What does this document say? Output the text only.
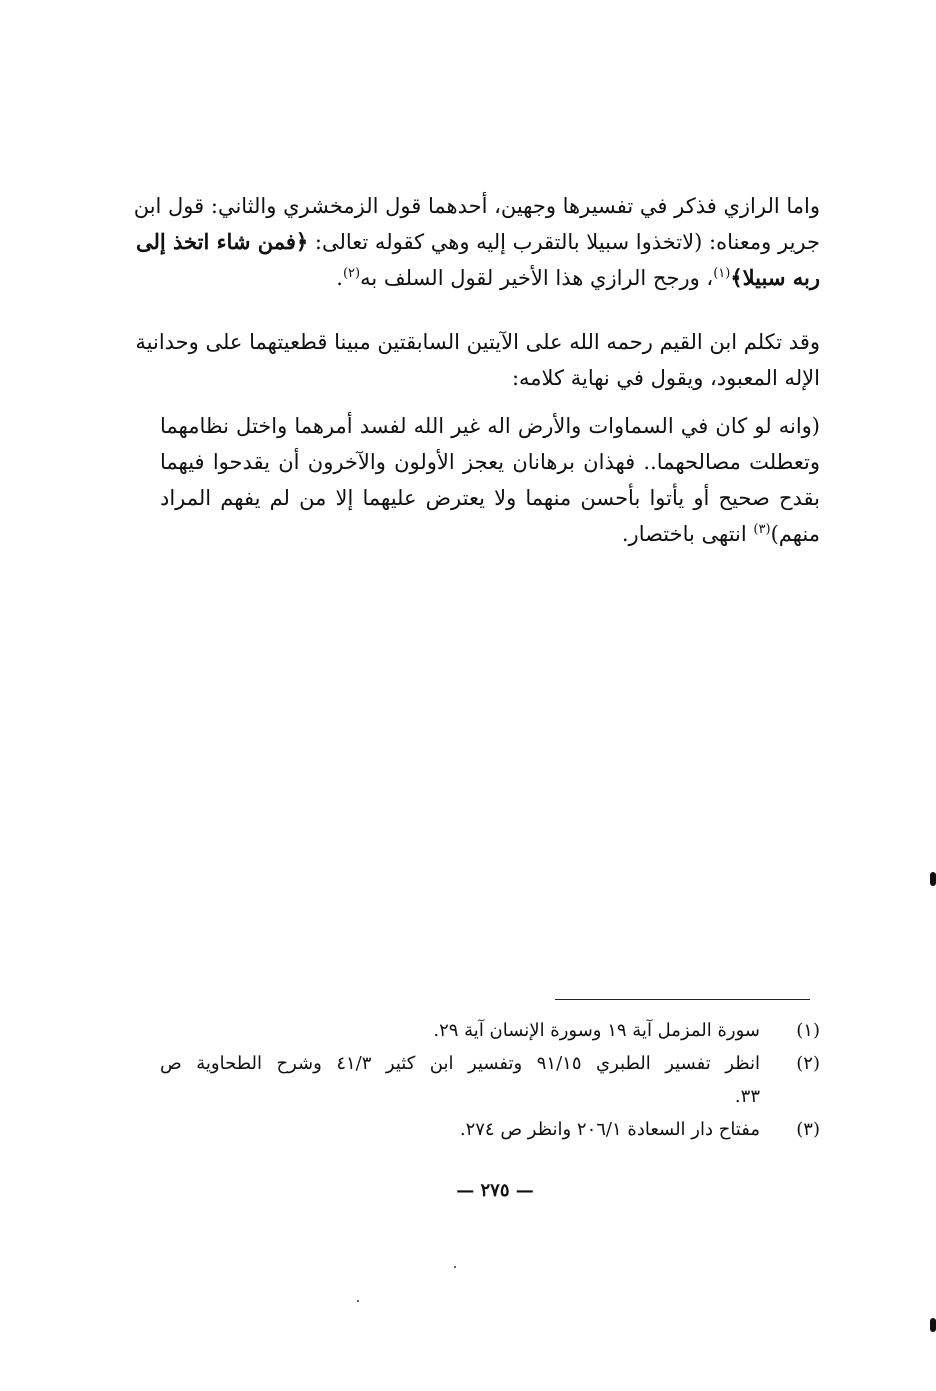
واما الرازي فذكر في تفسيرها وجهين، أحدهما قول الزمخشري والثاني: قول ابن
جرير ومعناه: (لاتخذوا سبيلا بالتقرب إليه وهي كقوله تعالى: ﴿فمن شاء اتخذ إلى
ربه سبيلا﴾$^{(١)}$، ورجح الرازي هذا الأخير لقول السلف به$^{(٢)}$.
وقد تكلم ابن القيم رحمه الله على الآيتين السابقتين مبينا قطعيتهما على وحدانية
الإله المعبود، ويقول في نهاية كلامه:
(وانه لو كان في السماوات والأرض اله غير الله لفسد أمرهما واختل نظامهما
وتعطلت مصالحهما.. فهذان برهانان يعجز الأولون والآخرون أن يقدحوا فيهما
بقدح صحيح أو يأتوا بأحسن منهما ولا يعترض عليهما إلا من لم يفهم المراد
منهم)$^{(٣)}$ انتهى باختصار.
(١)
سورة المزمل آية ١٩ وسورة الإنسان آية ٢٩.
(٢)
انظر تفسير الطبري ٩١/١٥ وتفسير ابن كثير ٤١/٣ وشرح الطحاوية ص
٣٣.
(٣)
مفتاح دار السعادة ٢٠٦/١ وانظر ص ٢٧٤.
— ٢٧٥ —
